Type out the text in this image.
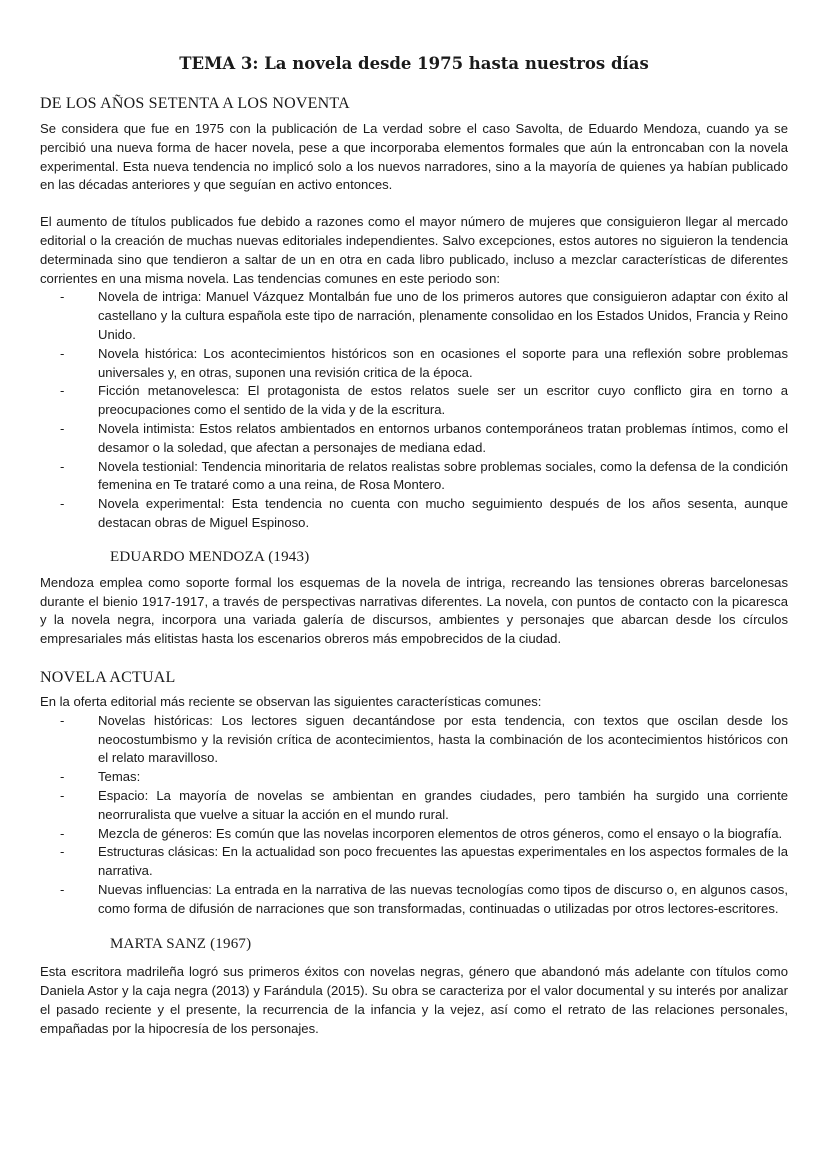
TEMA 3: La novela desde 1975 hasta nuestros días
DE LOS AÑOS SETENTA A LOS NOVENTA

Se considera que fue en 1975 con la publicación de La verdad sobre el caso Savolta, de Eduardo Mendoza, cuando ya se percibió una nueva forma de hacer novela, pese a que incorporaba elementos formales que aún la entroncaban con la novela experimental. Esta nueva tendencia no implicó solo a los nuevos narradores, sino a la mayoría de quienes ya habían publicado en las décadas anteriores y que seguían en activo entonces.

El aumento de títulos publicados fue debido a razones como el mayor número de mujeres que consiguieron llegar al mercado editorial o la creación de muchas nuevas editoriales independientes. Salvo excepciones, estos autores no siguieron la tendencia determinada sino que tendieron a saltar de un en otra en cada libro publicado, incluso a mezclar características de diferentes corrientes en una misma novela. Las tendencias comunes en este periodo son:

- Novela de intriga: Manuel Vázquez Montalbán fue uno de los primeros autores que consiguieron adaptar con éxito al castellano y la cultura española este tipo de narración, plenamente consolidao en los Estados Unidos, Francia y Reino Unido.
- Novela histórica: Los acontecimientos históricos son en ocasiones el soporte para una reflexión sobre problemas universales y, en otras, suponen una revisión critica de la época.
- Ficción metanovelesca: El protagonista de estos relatos suele ser un escritor cuyo conflicto gira en torno a preocupaciones como el sentido de la vida y de la escritura.
- Novela intimista: Estos relatos ambientados en entornos urbanos contemporáneos tratan problemas íntimos, como el desamor o la soledad, que afectan a personajes de mediana edad.
- Novela testionial: Tendencia minoritaria de relatos realistas sobre problemas sociales, como la defensa de la condición femenina en Te trataré como a una reina, de Rosa Montero.
- Novela experimental: Esta tendencia no cuenta con mucho seguimiento después de los años sesenta, aunque destacan obras de Miguel Espinoso.
EDUARDO MENDOZA (1943)

Mendoza emplea como soporte formal los esquemas de la novela de intriga, recreando las tensiones obreras barcelonesas durante el bienio 1917-1917, a través de perspectivas narrativas diferentes. La novela, con puntos de contacto con la picaresca y la novela negra, incorpora una variada galería de discursos, ambientes y personajes que abarcan desde los círculos empresariales más elitistas hasta los escenarios obreros más empobrecidos de la ciudad.

NOVELA ACTUAL

En la oferta editorial más reciente se observan las siguientes características comunes:

- Novelas históricas: Los lectores siguen decantándose por esta tendencia, con textos que oscilan desde los neocostumbismo y la revisión crítica de acontecimientos, hasta la combinación de los acontecimientos históricos con el relato maravilloso.
- Temas:
- Espacio: La mayoría de novelas se ambientan en grandes ciudades, pero también ha surgido una corriente neorruralista que vuelve a situar la acción en el mundo rural.
- Mezcla de géneros: Es común que las novelas incorporen elementos de otros géneros, como el ensayo o la biografía.
- Estructuras clásicas: En la actualidad son poco frecuentes las apuestas experimentales en los aspectos formales de la narrativa.
- Nuevas influencias: La entrada en la narrativa de las nuevas tecnologías como tipos de discurso o, en algunos casos, como forma de difusión de narraciones que son transformadas, continuadas o utilizadas por otros lectores-escritores.
MARTA SANZ (1967)

Esta escritora madrileña logró sus primeros éxitos con novelas negras, género que abandonó más adelante con títulos como Daniela Astor y la caja negra (2013) y Farándula (2015). Su obra se caracteriza por el valor documental y su interés por analizar el pasado reciente y el presente, la recurrencia de la infancia y la vejez, así como el retrato de las relaciones personales, empañadas por la hipocresía de los personajes.
